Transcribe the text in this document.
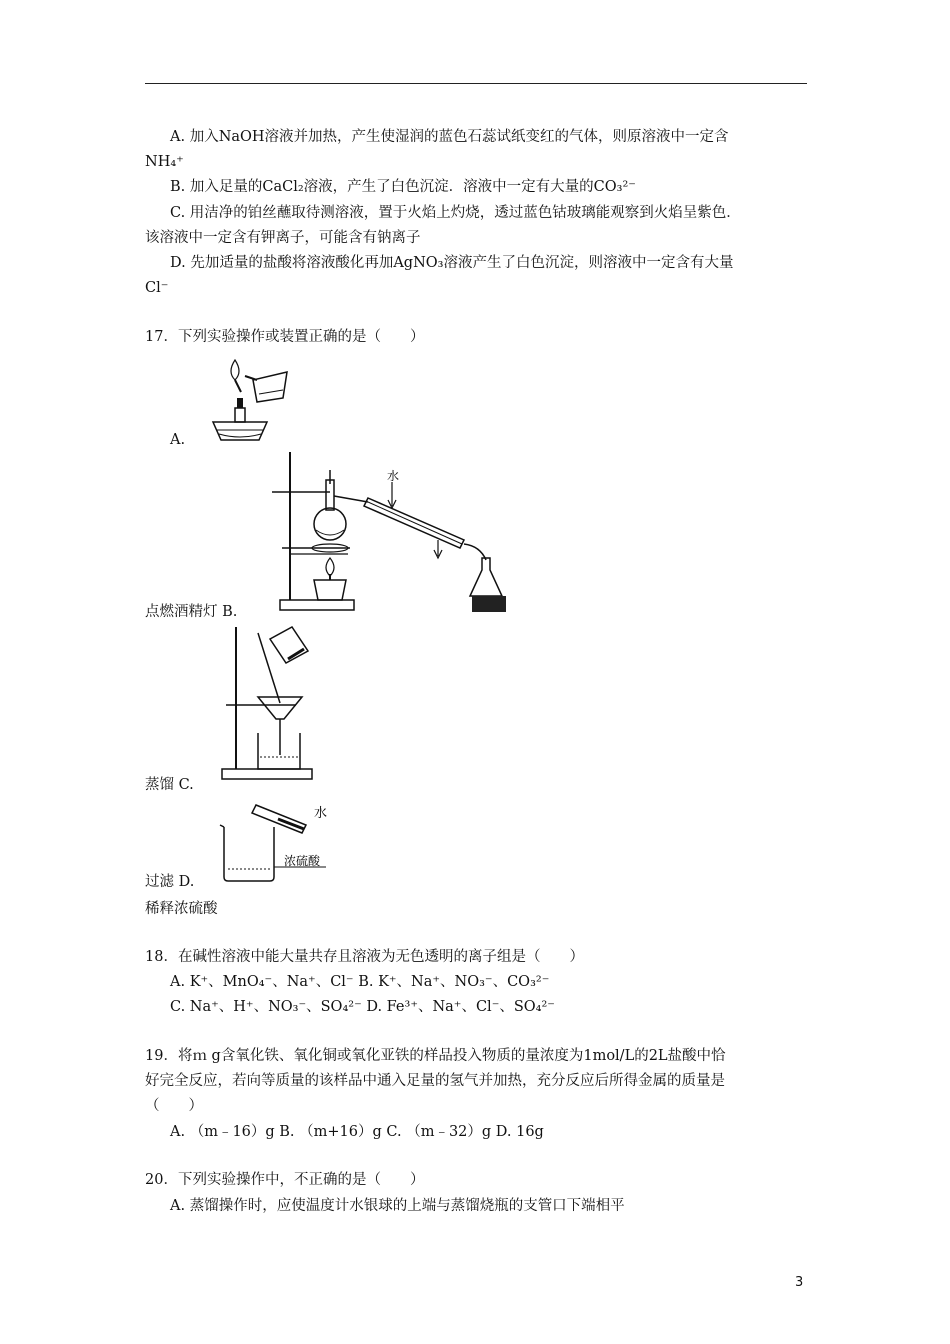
A. 加入NaOH溶液并加热，产生使湿润的蓝色石蕊试纸变红的气体，则原溶液中一定含
NH₄⁺
B. 加入足量的CaCl₂溶液，产生了白色沉淀．溶液中一定有大量的CO₃²⁻
C. 用洁净的铂丝蘸取待测溶液，置于火焰上灼烧，透过蓝色钴玻璃能观察到火焰呈紫色．
该溶液中一定含有钾离子，可能含有钠离子
D. 先加适量的盐酸将溶液酸化再加AgNO₃溶液产生了白色沉淀，则溶液中一定含有大量
Cl⁻
17．下列实验操作或装置正确的是（　　）
A.
水
点燃酒精灯 B.
蒸馏 C.
水
浓硫酸
过滤 D.
稀释浓硫酸
18．在碱性溶液中能大量共存且溶液为无色透明的离子组是（　　）
A. K⁺、MnO₄⁻、Na⁺、Cl⁻ B. K⁺、Na⁺、NO₃⁻、CO₃²⁻
C. Na⁺、H⁺、NO₃⁻、SO₄²⁻ D. Fe³⁺、Na⁺、Cl⁻、SO₄²⁻
19．将ｍ g含氧化铁、氧化铜或氧化亚铁的样品投入物质的量浓度为1mol/L的2L盐酸中恰
好完全反应，若向等质量的该样品中通入足量的氢气并加热，充分反应后所得金属的质量是
（　　）
A. （m﹣16）g B. （m+16）g C. （m﹣32）g D. 16g
20．下列实验操作中，不正确的是（　　）
A. 蒸馏操作时，应使温度计水银球的上端与蒸馏烧瓶的支管口下端相平
3
